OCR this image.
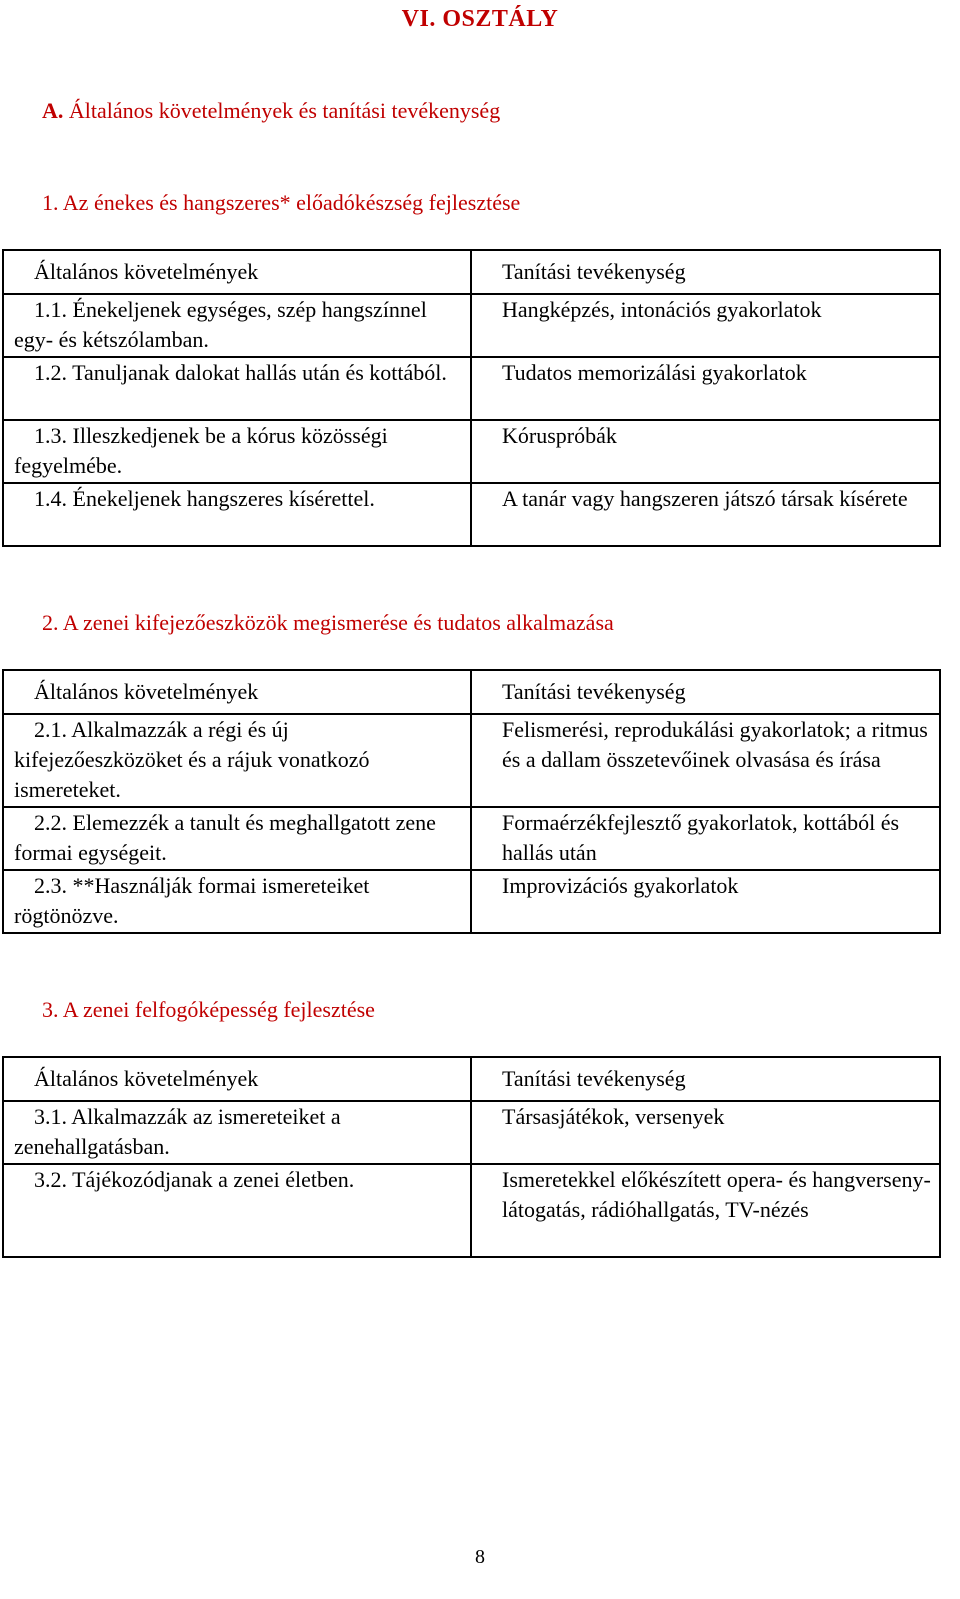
VI. OSZTÁLY
A. Általános követelmények és tanítási tevékenység
1. Az énekes és hangszeres* előadókészség fejlesztése
Általános követelmények	Tanítási tevékenység

1.1. Énekeljenek egységes, szép hangszínnel egy- és kétszólamban.	Hangképzés, intonációs gyakorlatok

1.2. Tanuljanak dalokat hallás után és kottából.	Tudatos memorizálási gyakorlatok

1.3. Illeszkedjenek be a kórus közösségi fegyelmébe.	Kóruspróbák

1.4. Énekeljenek hangszeres kísérettel.	A tanár vagy hangszeren játszó társak kísérete
2. A zenei kifejezőeszközök megismerése és tudatos alkalmazása
Általános követelmények	Tanítási tevékenység

2.1. Alkalmazzák a régi és új kifejezőeszközöket és a rájuk vonatkozó ismereteket.	Felismerési, reprodukálási gyakorlatok; a ritmus és a dallam összetevőinek olvasása és írása

2.2. Elemezzék a tanult és meghallgatott zene formai egységeit.	Formaérzékfejlesztő gyakorlatok, kottából és hallás után

2.3. **Használják formai ismereteiket rögtönözve.	Improvizációs gyakorlatok
3. A zenei felfogóképesség fejlesztése
Általános követelmények	Tanítási tevékenység

3.1. Alkalmazzák az ismereteiket a zenehallgatásban.	Társasjátékok, versenyek

3.2. Tájékozódjanak a zenei életben.	Ismeretekkel előkészített opera- és hangverseny-látogatás, rádióhallgatás, TV-nézés
8
